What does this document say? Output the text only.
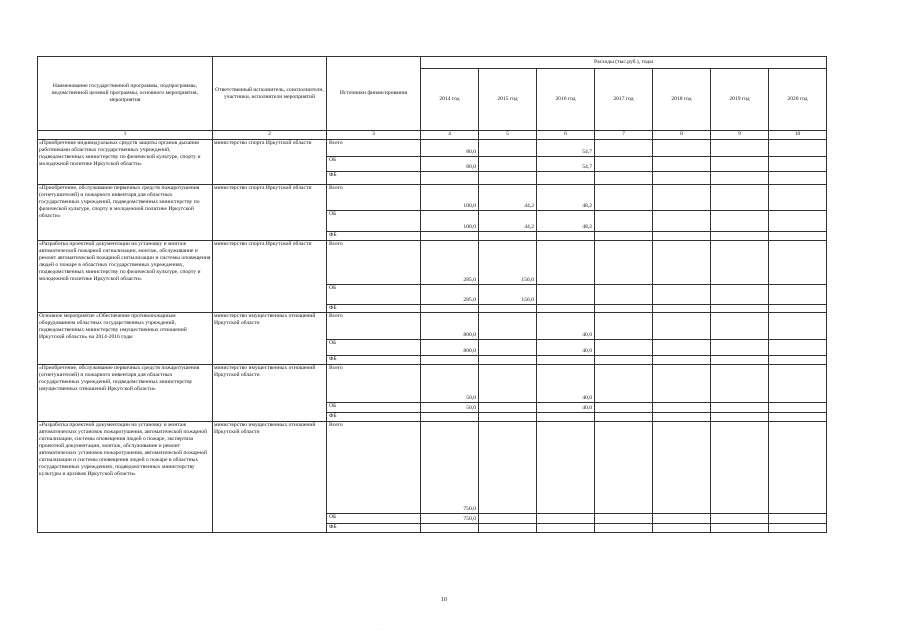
Наименование государственной программы, подпрограммы, ведомственной целевой программы, основного мероприятия, мероприятия	Ответственный исполнитель, соисполнители, участники, исполнители мероприятий	Источники финансирования	Расходы (тыс.руб.), годы						
			2014 год	2015 год	2016 год	2017 год	2018 год	2019 год	2020 год
1	2	3	4	5	6	7	8	9	10
«Приобретение индивидуальных средств защиты органов дыхания работниками областных государственных учреждений, подведомственных министерству по физической культуре, спорту и молодежной политике Иркутской области»	министерство спорта Иркутской области	Всего	80,0		54,7				
		ОБ	80,0		54,7				
		ФБ							
«Приобретение, обслуживание первичных средств пожаротушения (огнетушителей) и пожарного инвентаря для областных государственных учреждений, подведомственных министерству по физической культуре, спорту и молодежной политике Иркутской области»	министерство спорта Иркутской области	Всего	100,0	44,2	48,2				
		ОБ	100,0	44,2	48,2				
		ФБ							
«Разработка проектной документации на установку и монтаж автоматической пожарной сигнализации, монтаж, обслуживание и ремонт автоматической пожарной сигнализации и системы оповещения людей о пожаре в областных государственных учреждениях, подведомственных министерству по физической культуре, спорту и молодежной политике Иркутской области»	министерство спорта Иркутской области	Всего	285,0	156,0					
		ОБ	285,0	156,0					
		ФБ							
Основное мероприятие «Обеспечение противопожарным оборудованием областных государственных учреждений, подведомственных министерству имущественных отношений Иркутской области» на 2014-2016 годы	министерство имущественных отношений Иркутской области	Всего	800,0		40,0				
		ОБ	800,0		40,0				
		ФБ							
«Приобретение, обслуживание первичных средств пожаротушения (огнетушителей) и пожарного инвентаря для областных государственных учреждений, подведомственных министерству имущественных отношений Иркутской области»	министерство имущественных отношений Иркутской области	Всего	50,0		40,0				
		ОБ	50,0		40,0				
		ФБ							
«Разработка проектной документации на установку и монтаж автоматических установок пожаротушения, автоматической пожарной сигнализации, системы оповещения людей о пожаре, экспертиза проектной документации, монтаж, обслуживание и ремонт автоматических установок пожаротушения, автоматической пожарной сигнализации и системы оповещения людей о пожаре в областных государственных учреждениях, подведомственных министерству культуры и архивов Иркутской области»	министерство имущественных отношений Иркутской области	Всего	750,0						
		ОБ	750,0						
		ФБ							
10
·
